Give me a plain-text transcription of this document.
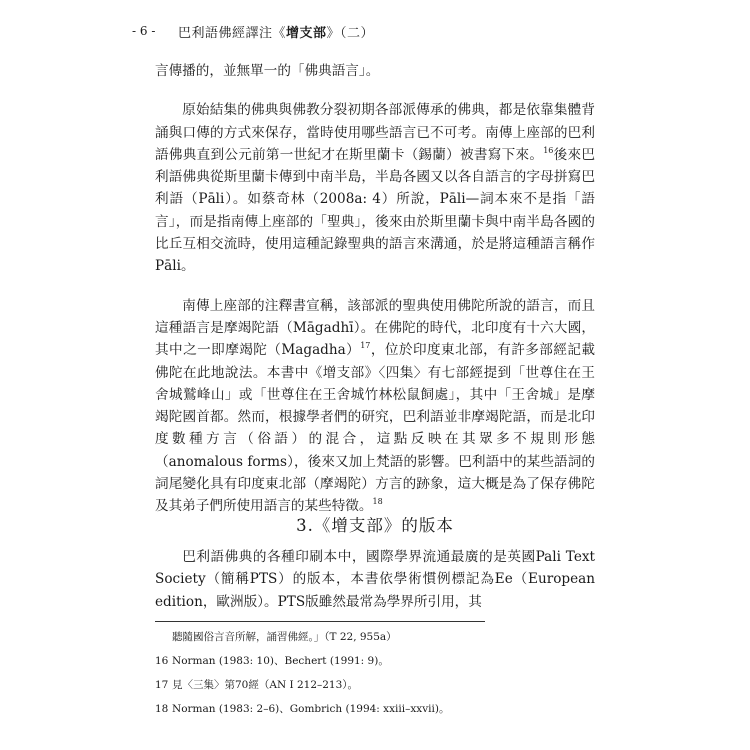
- 6 - 巴利語佛經譯注《增支部》（二）

言傳播的，並無單一的「佛典語言」。

原始結集的佛典與佛教分裂初期各部派傳承的佛典，都是依靠集體背誦與口傳的方式來保存，當時使用哪些語言已不可考。南傳上座部的巴利語佛典直到公元前第一世紀才在斯里蘭卡（錫蘭）被書寫下來。$^{16}$後來巴利語佛典從斯里蘭卡傳到中南半島，半島各國又以各自語言的字母拼寫巴利語（Pāli）。如蔡奇林（2008a: 4）所說，Pāli—詞本來不是指「語言」，而是指南傳上座部的「聖典」，後來由於斯里蘭卡與中南半島各國的比丘互相交流時，使用這種記錄聖典的語言來溝通，於是將這種語言稱作Pāli。

南傳上座部的注釋書宣稱，該部派的聖典使用佛陀所說的語言，而且這種語言是摩竭陀語（Māgadhī）。在佛陀的時代，北印度有十六大國，其中之一即摩竭陀（Magadha）$^{17}$，位於印度東北部，有許多部經記載佛陀在此地說法。本書中《增支部》〈四集〉有七部經提到「世尊住在王舍城鷲峰山」或「世尊住在王舍城竹林松鼠飼處」，其中「王舍城」是摩竭陀國首都。然而，根據學者們的研究，巴利語並非摩竭陀語，而是北印度數種方言（俗語）的混合，這點反映在其眾多不規則形態（anomalous forms），後來又加上梵語的影響。巴利語中的某些語詞的詞尾變化具有印度東北部（摩竭陀）方言的跡象，這大概是為了保存佛陀及其弟子們所使用語言的某些特徵。$^{18}$

3.《增支部》的版本

巴利語佛典的各種印刷本中，國際學界流通最廣的是英國Pali Text Society（簡稱PTS）的版本，本書依學術慣例標記為Ee（European edition，歐洲版）。PTS版雖然最常為學界所引用，其

聽隨國俗言音所解，誦習佛經。」（T 22, 955a）
16 Norman (1983: 10)、Bechert (1991: 9)。
17 見〈三集〉第70經（AN I 212–213）。
18 Norman (1983: 2–6)、Gombrich (1994: xxiii–xxvii)。
